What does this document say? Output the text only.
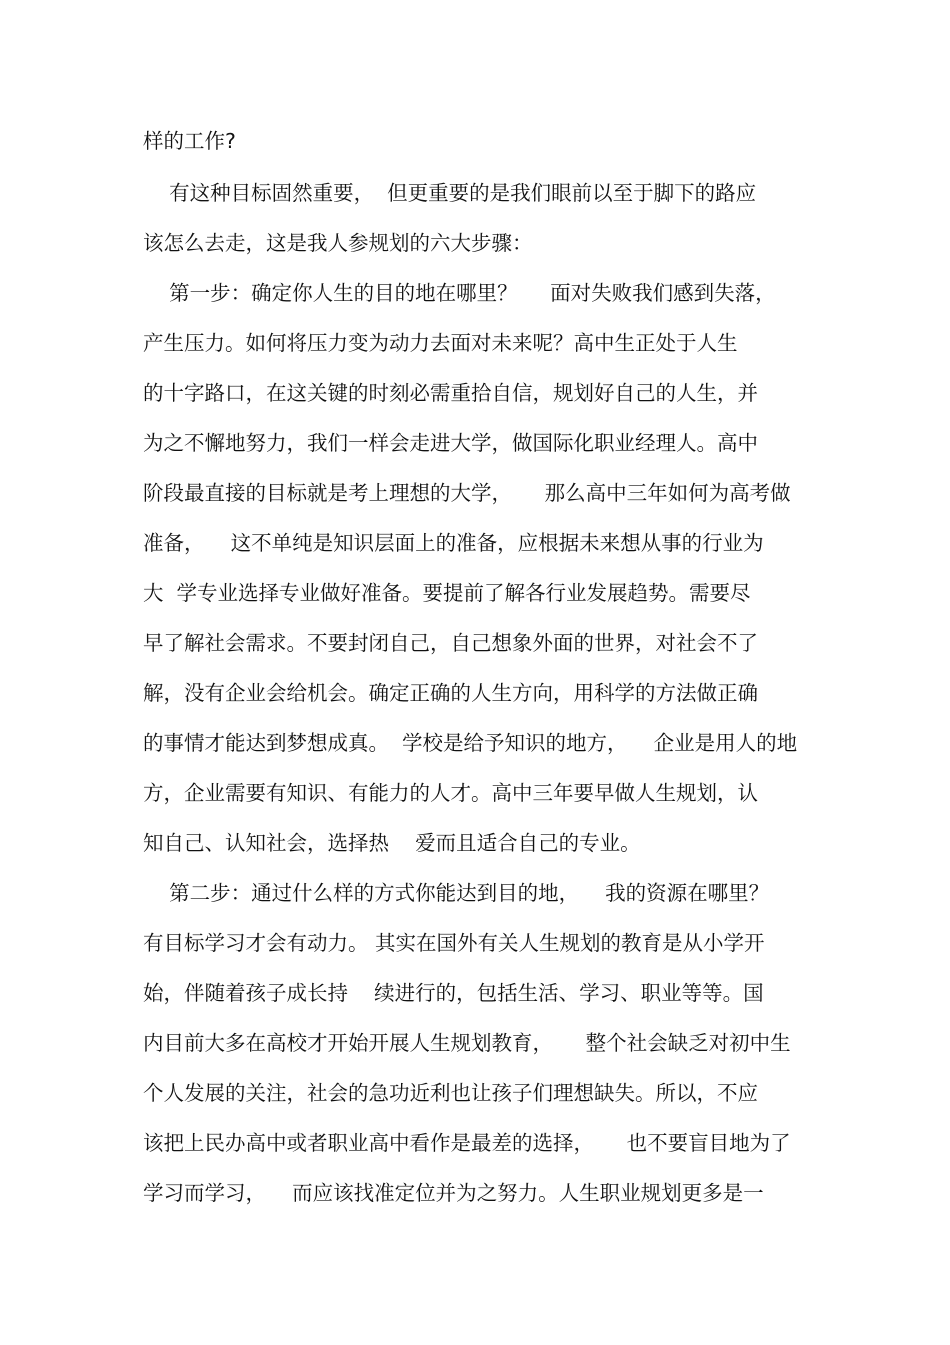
样的工作?
有这种目标固然重要，  但更重要的是我们眼前以至于脚下的路应
该怎么去走，这是我人参规划的六大步骤：
第一步：确定你人生的目的地在哪里？     面对失败我们感到失落，
产生压力。如何将压力变为动力去面对未来呢？高中生正处于人生
的十字路口，在这关键的时刻必需重拾自信，规划好自己的人生，并
为之不懈地努力，我们一样会走进大学，做国际化职业经理人。高中
阶段最直接的目标就是考上理想的大学，     那么高中三年如何为高考做
准备，    这不单纯是知识层面上的准备，应根据未来想从事的行业为
大  学专业选择专业做好准备。要提前了解各行业发展趋势。需要尽
早了解社会需求。不要封闭自己，自己想象外面的世界，对社会不了
解，没有企业会给机会。确定正确的人生方向，用科学的方法做正确
的事情才能达到梦想成真。  学校是给予知识的地方，    企业是用人的地
方，企业需要有知识、有能力的人才。高中三年要早做人生规划，认
知自己、认知社会，选择热    爱而且适合自己的专业。
第二步：通过什么样的方式你能达到目的地，    我的资源在哪里？
有目标学习才会有动力。 其实在国外有关人生规划的教育是从小学开
始，伴随着孩子成长持    续进行的，包括生活、学习、职业等等。国
内目前大多在高校才开始开展人生规划教育，     整个社会缺乏对初中生
个人发展的关注，社会的急功近利也让孩子们理想缺失。所以，不应
该把上民办高中或者职业高中看作是最差的选择，     也不要盲目地为了
学习而学习，    而应该找准定位并为之努力。人生职业规划更多是一
